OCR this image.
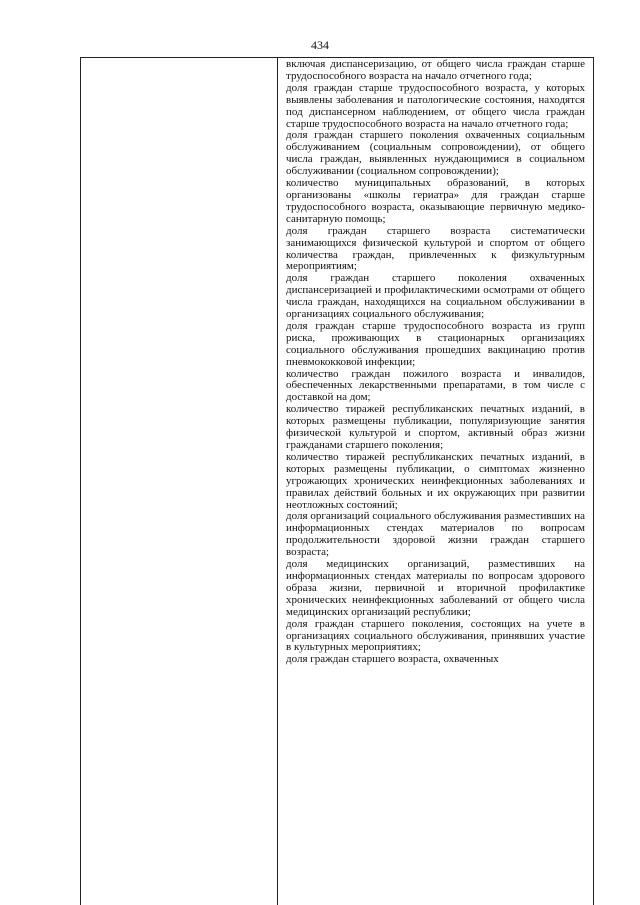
434

включая диспансеризацию, от общего числа граждан старше трудоспособного возраста на начало отчетного года;

доля граждан старше трудоспособного возраста, у которых выявлены заболевания и патологические состояния, находятся под диспансерном наблюдением, от общего числа граждан старше трудоспособного возраста на начало отчетного года;

доля граждан старшего поколения охваченных социальным обслуживанием (социальным сопровождении), от общего числа граждан, выявленных нуждающимися в социальном обслуживании (социальном сопровождении);

количество муниципальных образований, в которых организованы «школы гериатра» для граждан старше трудоспособного возраста, оказывающие первичную медико-санитарную помощь;

доля граждан старшего возраста систематически занимающихся физической культурой и спортом от общего количества граждан, привлеченных к физкультурным мероприятиям;

доля граждан старшего поколения охваченных диспансеризацией и профилактическими осмотрами от общего числа граждан, находящихся на социальном обслуживании в организациях социального обслуживания;

доля граждан старше трудоспособного возраста из групп риска, проживающих в стационарных организациях социального обслуживания прошедших вакцинацию против пневмококковой инфекции;

количество граждан пожилого возраста и инвалидов, обеспеченных лекарственными препаратами, в том числе с доставкой на дом;

количество тиражей республиканских печатных изданий, в которых размещены публикации, популяризующие занятия физической культурой и спортом, активный образ жизни гражданами старшего поколения;

количество тиражей республиканских печатных изданий, в которых размещены публикации, о симптомах жизненно угрожающих хронических неинфекционных заболеваниях и правилах действий больных и их окружающих при развитии неотложных состояний;

доля организаций социального обслуживания разместивших на информационных стендах материалов по вопросам продолжительности здоровой жизни граждан старшего возраста;

доля медицинских организаций, разместивших на информационных стендах материалы по вопросам здорового образа жизни, первичной и вторичной профилактике хронических неинфекционных заболеваний от общего числа медицинских организаций республики;

доля граждан старшего поколения, состоящих на учете в организациях социального обслуживания, принявших участие в культурных мероприятиях;

доля граждан старшего возраста, охваченных
